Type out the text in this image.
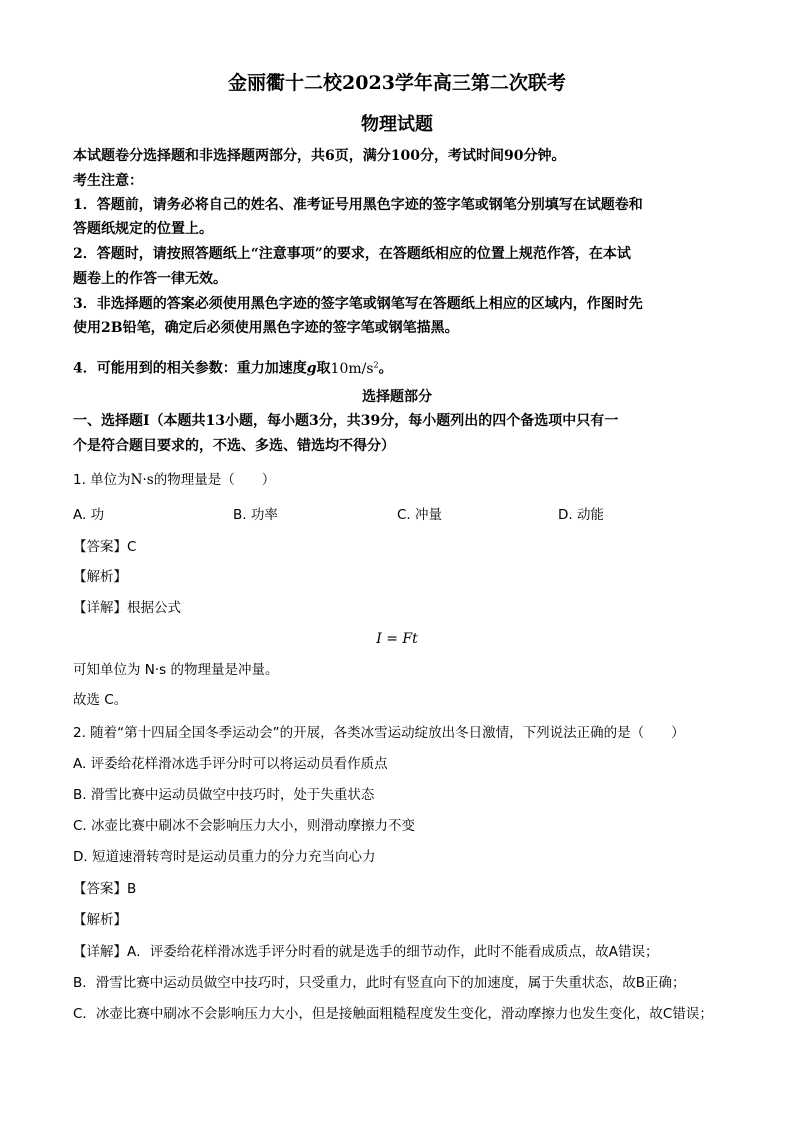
金丽衢十二校2023学年高三第二次联考
物理试题
本试题卷分选择题和非选择题两部分，共6页，满分100分，考试时间90分钟。
考生注意：
1．答题前，请务必将自己的姓名、准考证号用黑色字迹的签字笔或钢笔分别填写在试题卷和
答题纸规定的位置上。
2．答题时，请按照答题纸上“注意事项”的要求，在答题纸相应的位置上规范作答，在本试
题卷上的作答一律无效。
3．非选择题的答案必须使用黑色字迹的签字笔或钢笔写在答题纸上相应的区域内，作图时先
使用2B铅笔，确定后必须使用黑色字迹的签字笔或钢笔描黑。
4．可能用到的相关参数：重力加速度g取$10m/s^2$。
选择题部分
一、选择题Ⅰ（本题共13小题，每小题3分，共39分，每小题列出的四个备选项中只有一
个是符合题目要求的，不选、多选、错选均不得分）
1. 单位为N·s的物理量是（　　）
A. 功	B. 功率	C. 冲量	D. 动能
【答案】C
【解析】
【详解】根据公式
I = Ft
可知单位为 N·s 的物理量是冲量。
故选 C。
2. 随着“第十四届全国冬季运动会”的开展，各类冰雪运动绽放出冬日激情，下列说法正确的是（　　）
A. 评委给花样滑冰选手评分时可以将运动员看作质点
B. 滑雪比赛中运动员做空中技巧时，处于失重状态
C. 冰壶比赛中刷冰不会影响压力大小，则滑动摩擦力不变
D. 短道速滑转弯时是运动员重力的分力充当向心力
【答案】B
【解析】
【详解】A．评委给花样滑冰选手评分时看的就是选手的细节动作，此时不能看成质点，故A错误；
B．滑雪比赛中运动员做空中技巧时，只受重力，此时有竖直向下的加速度，属于失重状态，故B正确；
C．冰壶比赛中刷冰不会影响压力大小，但是接触面粗糙程度发生变化，滑动摩擦力也发生变化，故C错误；
